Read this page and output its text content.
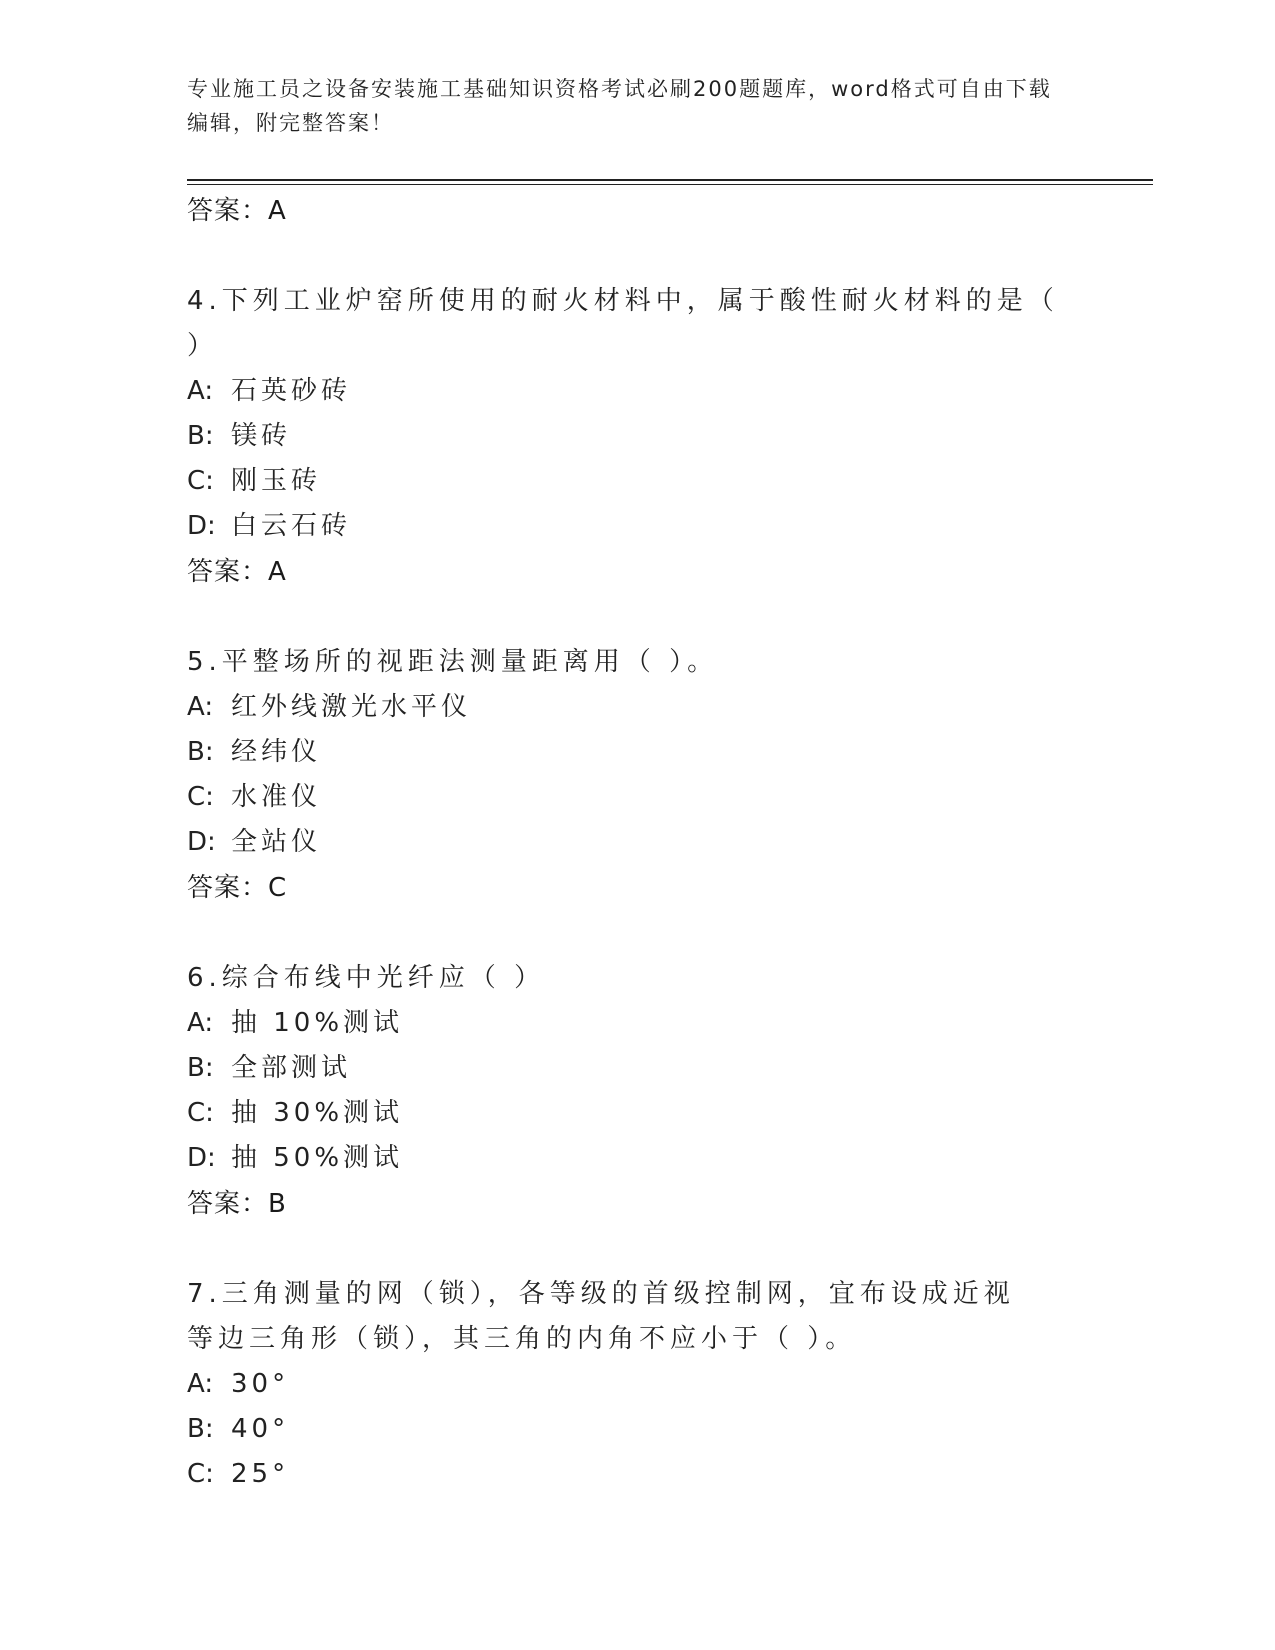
专业施工员之设备安装施工基础知识资格考试必刷200题题库，word格式可自由下载编辑，附完整答案！
答案：A
4.下列工业炉窑所使用的耐火材料中，属于酸性耐火材料的是（ ）
A: 石英砂砖
B: 镁砖
C: 刚玉砖
D: 白云石砖
答案：A
5.平整场所的视距法测量距离用（ ）。
A: 红外线激光水平仪
B: 经纬仪
C: 水准仪
D: 全站仪
答案：C
6.综合布线中光纤应（ ）
A: 抽 10%测试
B: 全部测试
C: 抽 30%测试
D: 抽 50%测试
答案：B
7.三角测量的网（锁），各等级的首级控制网，宜布设成近视等边三角形（锁），其三角的内角不应小于（ ）。
A: 30°
B: 40°
C: 25°
